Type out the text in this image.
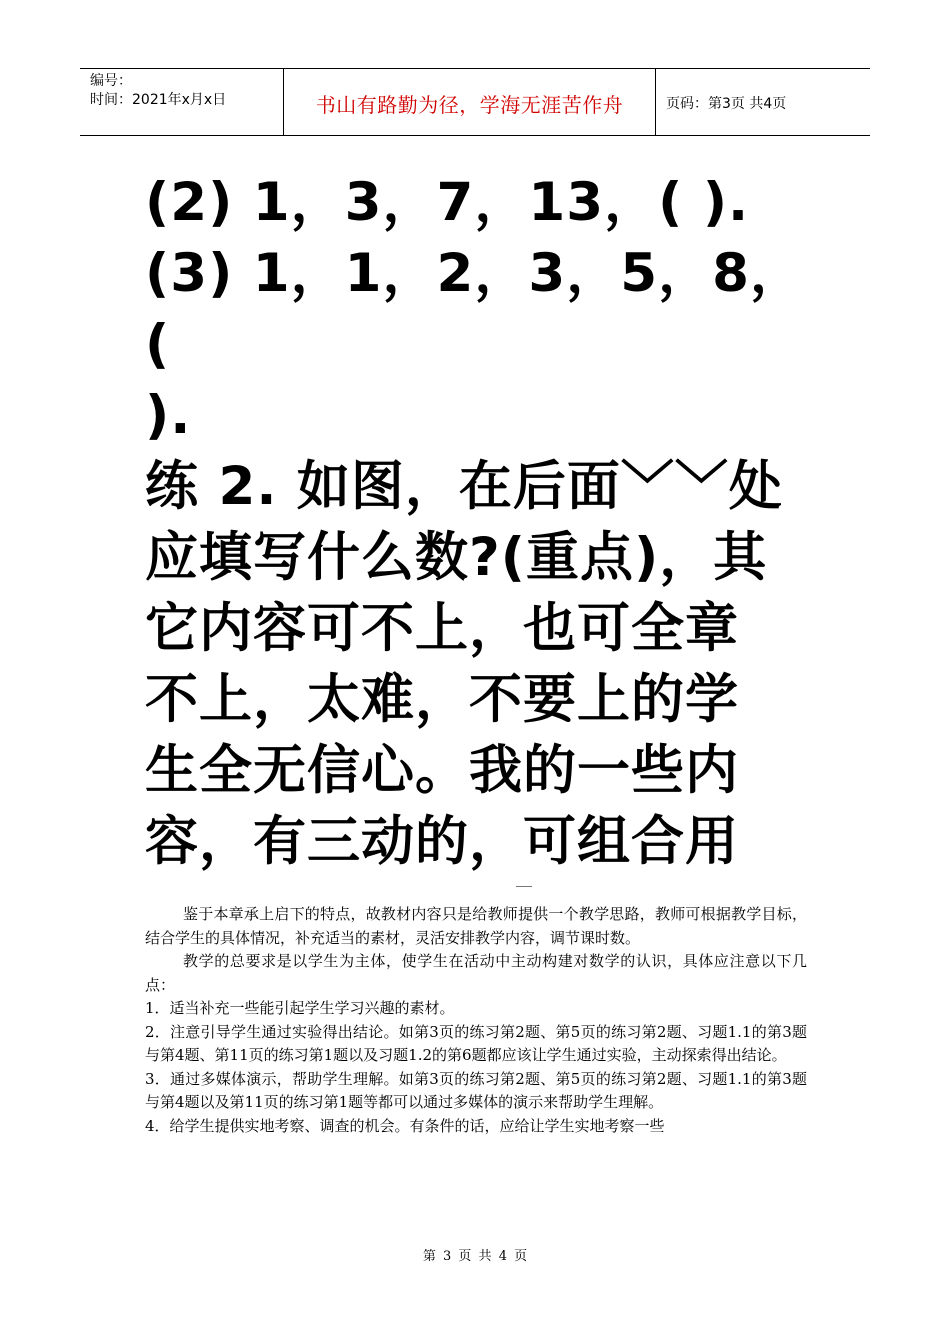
编号：
时间：2021年x月x日	书山有路勤为径，学海无涯苦作舟	页码：第3页 共4页

(2) 1，3，7，13，( ).

(3) 1，1，2，3，5，8，(

).

练 2. 如图，在后面﹀﹀处

应填写什么数?(重点)，其

它内容可不上，也可全章

不上，太难，不要上的学

生全无信心。我的一些内

容，有三动的，可组合用

鉴于本章承上启下的特点，故教材内容只是给教师提供一个教学思路，教师可根据教学目标，结合学生的具体情况，补充适当的素材，灵活安排教学内容，调节课时数。

教学的总要求是以学生为主体，使学生在活动中主动构建对数学的认识，具体应注意以下几点：

1．适当补充一些能引起学生学习兴趣的素材。

2．注意引导学生通过实验得出结论。如第3页的练习第2题、第5页的练习第2题、习题1.1的第3题与第4题、第11页的练习第1题以及习题1.2的第6题都应该让学生通过实验，主动探索得出结论。

3．通过多媒体演示，帮助学生理解。如第3页的练习第2题、第5页的练习第2题、习题1.1的第3题与第4题以及第11页的练习第1题等都可以通过多媒体的演示来帮助学生理解。

4．给学生提供实地考察、调查的机会。有条件的话，应给让学生实地考察一些

第 3 页 共 4 页
